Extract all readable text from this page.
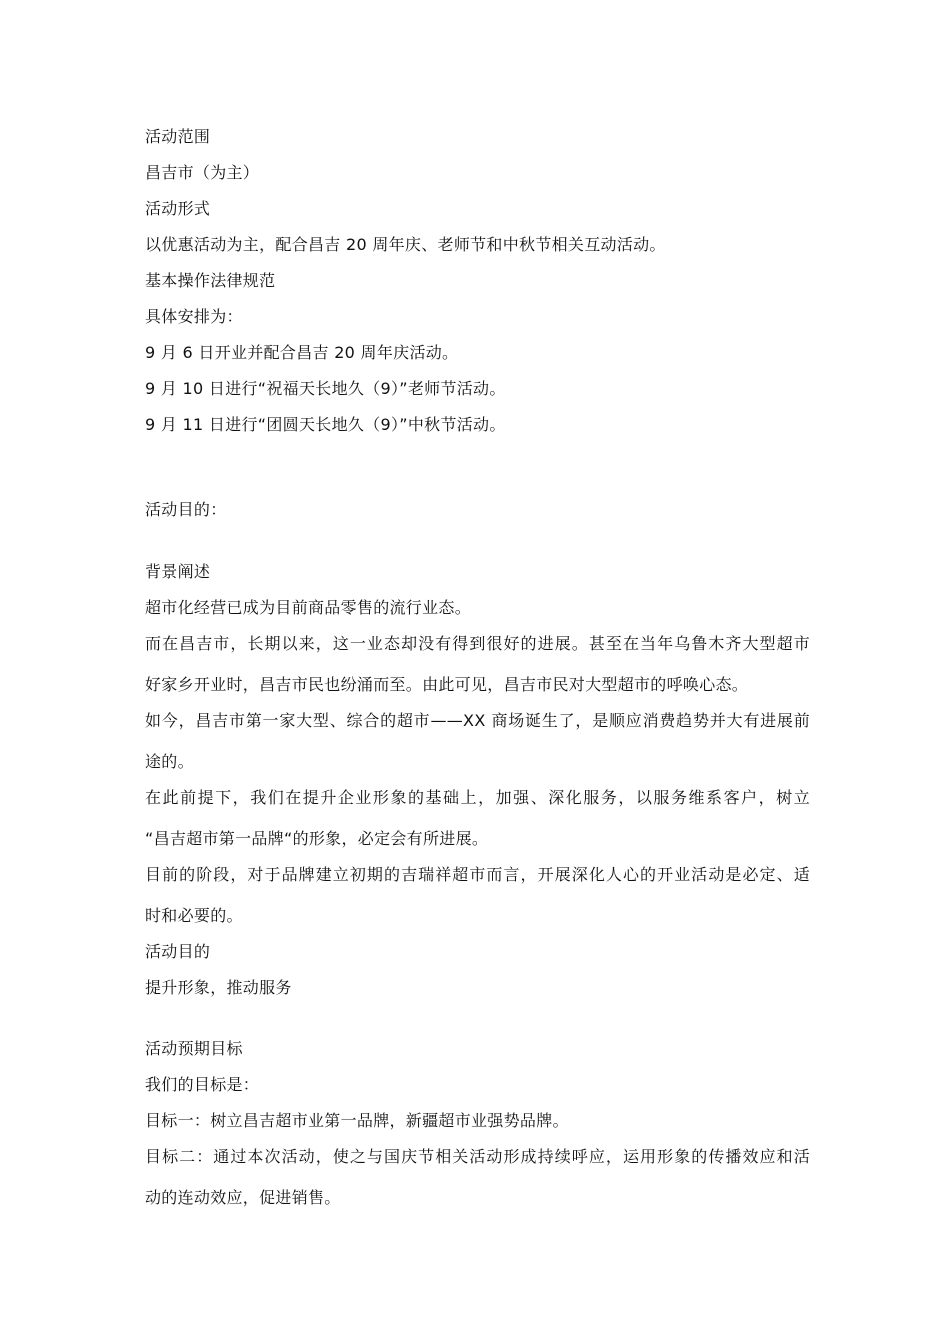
活动范围
昌吉市（为主）
活动形式
以优惠活动为主，配合昌吉 20 周年庆、老师节和中秋节相关互动活动。
基本操作法律规范
具体安排为：
9 月 6 日开业并配合昌吉 20 周年庆活动。
9 月 10 日进行“祝福天长地久（9）”老师节活动。
9 月 11 日进行“团圆天长地久（9）”中秋节活动。
活动目的：
背景阐述
超市化经营已成为目前商品零售的流行业态。
而在昌吉市，长期以来，这一业态却没有得到很好的进展。甚至在当年乌鲁木齐大型超市
好家乡开业时，昌吉市民也纷涌而至。由此可见，昌吉市民对大型超市的呼唤心态。
如今，昌吉市第一家大型、综合的超市——XX 商场诞生了，是顺应消费趋势并大有进展前
途的。
在此前提下，我们在提升企业形象的基础上，加强、深化服务，以服务维系客户，树立
“昌吉超市第一品牌“的形象，必定会有所进展。
目前的阶段，对于品牌建立初期的吉瑞祥超市而言，开展深化人心的开业活动是必定、适
时和必要的。
活动目的
提升形象，推动服务
活动预期目标
我们的目标是：
目标一：树立昌吉超市业第一品牌，新疆超市业强势品牌。
目标二：通过本次活动，使之与国庆节相关活动形成持续呼应，运用形象的传播效应和活
动的连动效应，促进销售。
